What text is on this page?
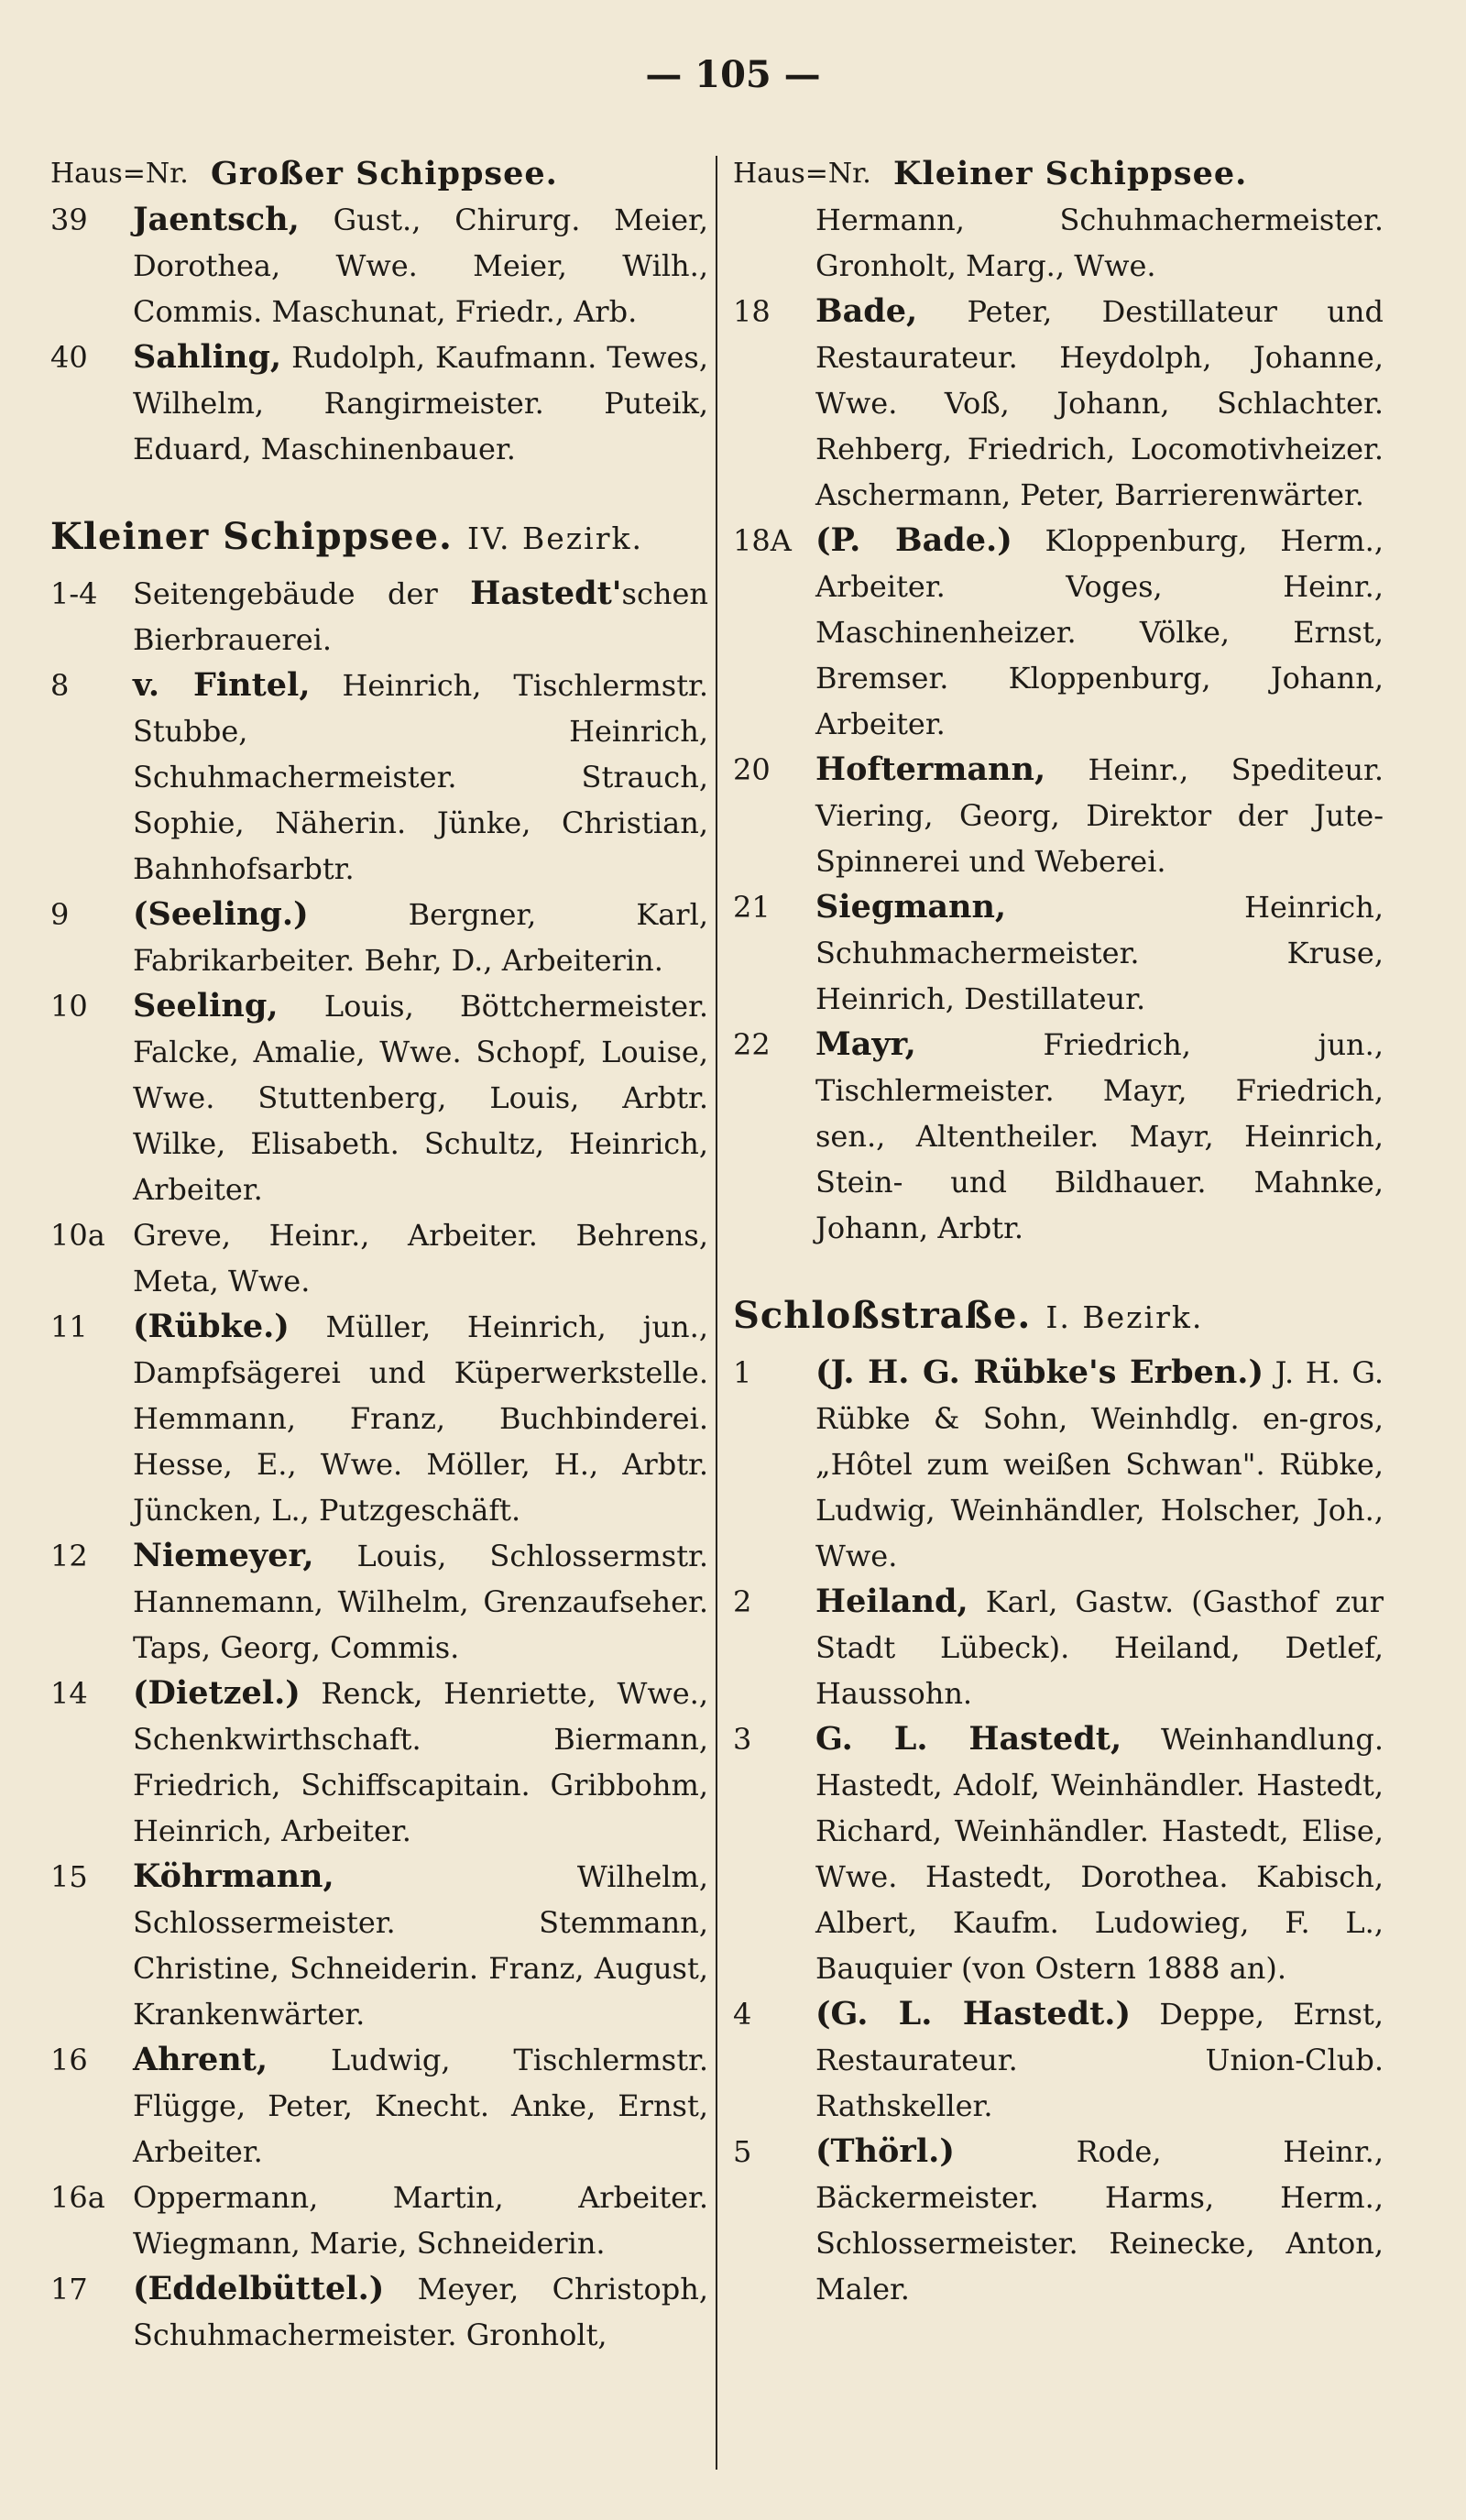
— 105 —
Haus=Nr. Großer Schippsee.
39	Jaentsch, Gust., Chirurg. Meier, Dorothea, Wwe. Meier, Wilh., Commis. Maschunat, Friedr., Arb.
40	Sahling, Rudolph, Kaufmann. Tewes, Wilhelm, Rangirmeister. Puteik, Eduard, Maschinenbauer.
Kleiner Schippsee. IV. Bezirk.
1-4	Seitengebäude der Hastedt'schen Bierbrauerei.
8	v. Fintel, Heinrich, Tischlermstr. Stubbe, Heinrich, Schuhmachermeister. Strauch, Sophie, Näherin. Jünke, Christian, Bahnhofsarbtr.
9	(Seeling.)	Bergner, Karl, Fabrikarbeiter. Behr, D., Arbeiterin.
10	Seeling, Louis, Böttchermeister. Falcke, Amalie, Wwe. Schopf, Louise, Wwe. Stuttenberg, Louis, Arbtr. Wilke, Elisabeth. Schultz, Heinrich, Arbeiter.
10a Greve, Heinr., Arbeiter. Behrens, Meta, Wwe.
11	(Rübke.) Müller, Heinrich, jun., Dampfsägerei und Küperwerkstelle. Hemmann, Franz, Buchbinderei. Hesse, E., Wwe. Möller, H., Arbtr. Jüncken, L., Putzgeschäft.
12	Niemeyer, Louis, Schlossermstr. Hannemann, Wilhelm, Grenzaufseher. Taps, Georg, Commis.
14	(Dietzel.) Renck, Henriette, Wwe., Schenkwirthschaft. Biermann, Friedrich, Schiffscapitain. Gribbohm, Heinrich, Arbeiter.
15	Köhrmann,	Wilhelm, Schlossermeister. Stemmann, Christine, Schneiderin. Franz, August, Krankenwärter.
16	Ahrent, Ludwig, Tischlermstr. Flügge, Peter, Knecht. Anke, Ernst, Arbeiter.
16a Oppermann, Martin, Arbeiter. Wiegmann, Marie, Schneiderin.
17	(Eddelbüttel.) Meyer, Christoph, Schuhmachermeister. Gronholt,
Haus=Nr. Kleiner Schippsee.
Hermann, Schuhmachermeister. Gronholt, Marg., Wwe.
18	Bade, Peter, Destillateur und Restaurateur. Heydolph, Johanne, Wwe. Voß, Johann, Schlachter. Rehberg, Friedrich, Locomotivheizer. Aschermann, Peter, Barrierenwärter.
18A (P. Bade.) Kloppenburg, Herm., Arbeiter. Voges, Heinr., Maschinenheizer. Völke, Ernst, Bremser. Kloppenburg, Johann, Arbeiter.
20	Hoftermann, Heinr., Spediteur. Viering, Georg, Direktor der Jute-Spinnerei und Weberei.
21	Siegmann,	Heinrich, Schuhmachermeister. Kruse, Heinrich, Destillateur.
22	Mayr,	Friedrich, jun., Tischlermeister. Mayr, Friedrich, sen., Altentheiler. Mayr, Heinrich, Stein- und Bildhauer. Mahnke, Johann, Arbtr.
Schloßstraße. I. Bezirk.
1	(J. H. G. Rübke's Erben.) J. H. G. Rübke & Sohn, Weinhdlg. en-gros, „Hôtel zum weißen Schwan". Rübke, Ludwig, Weinhändler, Holscher, Joh., Wwe.
2	Heiland, Karl, Gastw. (Gasthof zur Stadt Lübeck). Heiland, Detlef, Haussohn.
3	G. L. Hastedt, Weinhandlung. Hastedt, Adolf, Weinhändler. Hastedt, Richard, Weinhändler. Hastedt, Elise, Wwe. Hastedt, Dorothea. Kabisch, Albert, Kaufm. Ludowieg, F. L., Bauquier (von Ostern 1888 an).
4	(G. L. Hastedt.) Deppe, Ernst, Restaurateur. Union-Club. Rathskeller.
5	(Thörl.)	Rode, Heinr., Bäckermeister. Harms, Herm., Schlossermeister. Reinecke, Anton, Maler.
